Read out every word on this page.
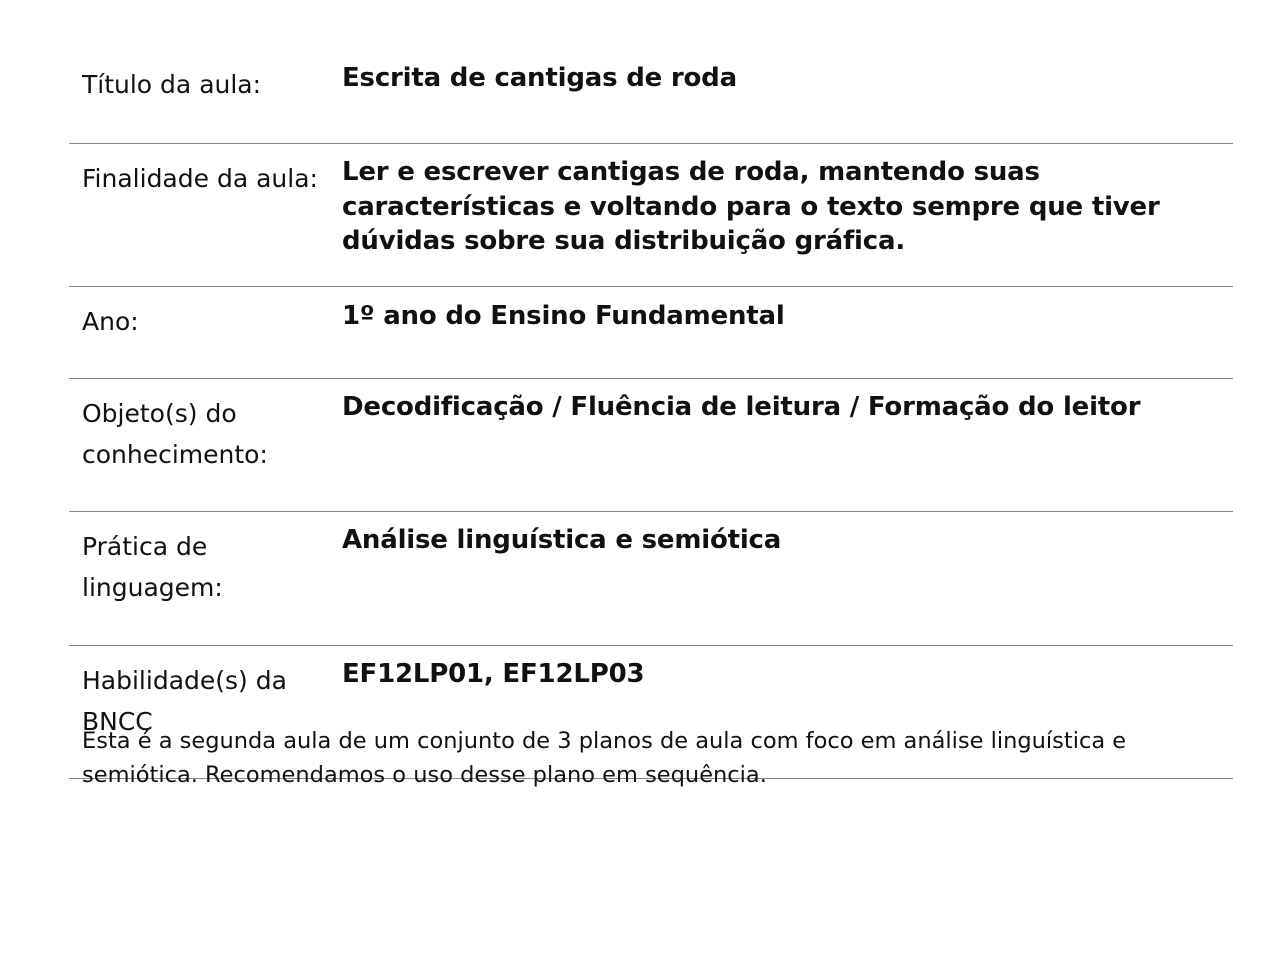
Título da aula:	Escrita de cantigas de roda
Finalidade da aula:	Ler e escrever cantigas de roda, mantendo suas características e voltando para o texto sempre que tiver dúvidas sobre sua distribuição gráfica.
Ano:	1º ano do Ensino Fundamental
Objeto(s) do conhecimento:	Decodificação / Fluência de leitura / Formação do leitor
Prática de linguagem:	Análise linguística e semiótica
Habilidade(s) da BNCC	EF12LP01, EF12LP03

Esta é a segunda aula de um conjunto de 3 planos de aula com foco em análise linguística e semiótica. Recomendamos o uso desse plano em sequência.
